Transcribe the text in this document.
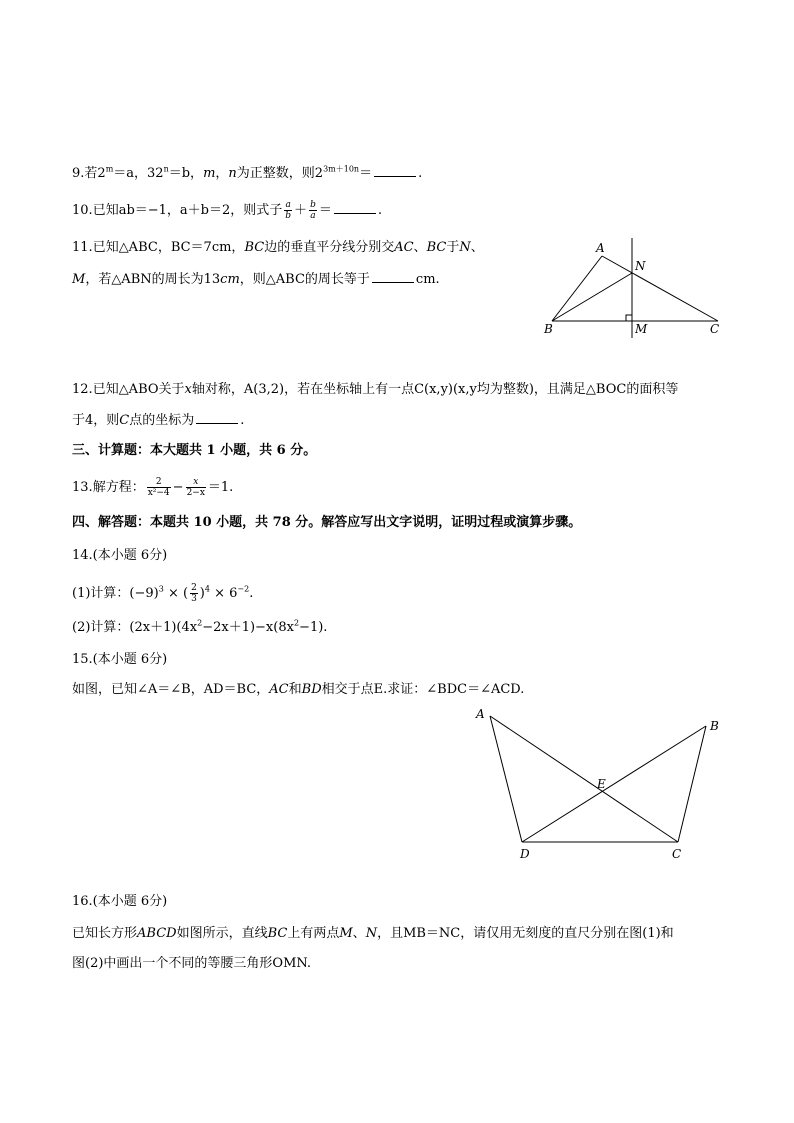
9.若$2^m=a$，$32^n=b$，m，n为正整数，则$2^{3m+10n}=$	.
10.已知ab＝−1，a＋b＝2，则式子 $\frac{a}{b} + \frac{b}{a}$ ＝	.
11.已知△ABC，BC＝7cm，BC边的垂直平分线分别交AC、BC于N、
M，若△ABN的周长为13cm，则△ABC的周长等于	cm.
A
N
B	M	C
12.已知△ABO关于x轴对称，A(3,2)，若在坐标轴上有一点C(x,y)(x,y均为整数)，且满足△BOC的面积等
于4，则C点的坐标为	.
三、计算题：本大题共 1 小题，共 6 分。
13.解方程： $\frac{2}{\text{x²−4}} - \frac{x}{2-x} =1$.
四、解答题：本题共 10 小题，共 78 分。解答应写出文字说明，证明过程或演算步骤。
14.(本小题 6分)
(1)计算：$(-9)^3$ × ( $\frac{2}{3} )^4 \times 6^{-2}$.
(2)计算：$(2x+1)(4x^2-2x+1)-x(8x^2-1)$.
15.(本小题 6分)
如图，已知∠A＝∠B，AD＝BC，AC和BD相交于点E.求证：∠BDC＝∠ACD.
A
B
E
D	C
16.(本小题 6分)
已知长方形ABCD如图所示，直线BC上有两点M、N，且MB＝NC，请仅用无刻度的直尺分别在图(1)和
图(2)中画出一个不同的等腰三角形OMN.
